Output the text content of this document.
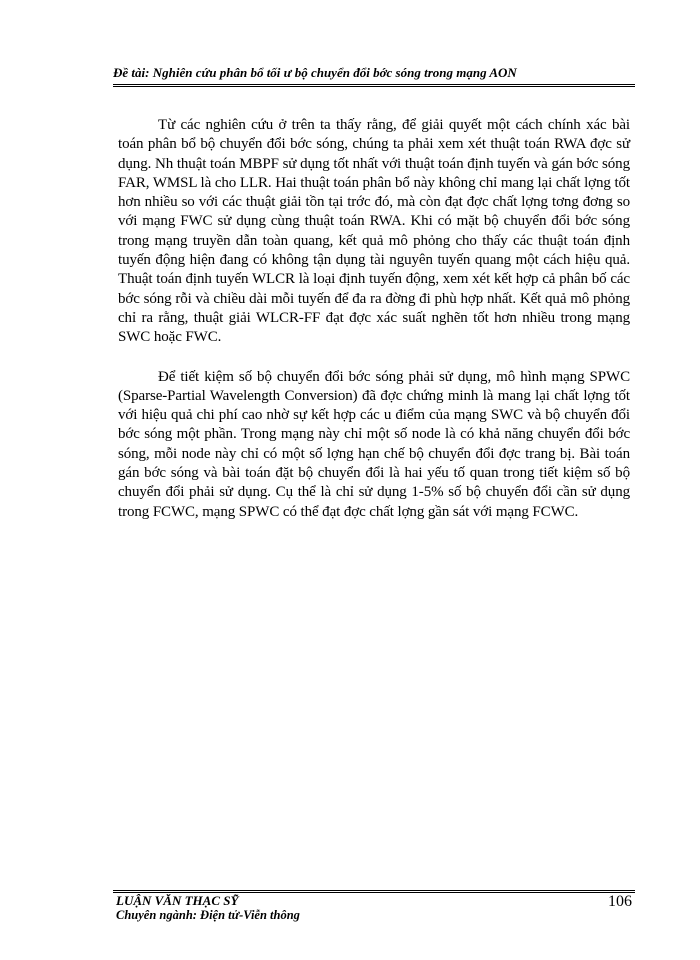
Đề tài: Nghiên cứu phân bổ tối ư bộ chuyển đổi bớc sóng trong mạng AON

Từ các nghiên cứu ở trên ta thấy rằng, để giải quyết một cách chính xác bài toán phân bổ bộ chuyển đổi bớc sóng, chúng ta phải xem xét thuật toán RWA đợc sử dụng. Nh thuật toán MBPF sử dụng tốt nhất với thuật toán định tuyến và gán bớc sóng FAR, WMSL là cho LLR. Hai thuật toán phân bổ này không chỉ mang lại chất lợng tốt hơn nhiều so với các thuật giải tồn tại trớc đó, mà còn đạt đợc chất lợng tơng đơng so với mạng FWC sử dụng cùng thuật toán RWA. Khi có mặt bộ chuyển đổi bớc sóng trong mạng truyền dẫn toàn quang, kết quả mô phỏng cho thấy các thuật toán định tuyến động hiện đang có không tận dụng tài nguyên tuyến quang một cách hiệu quả. Thuật toán định tuyến WLCR là loại định tuyến động, xem xét kết hợp cả phân bố các bớc sóng rỗi và chiều dài mỗi tuyến để đa ra đờng đi phù hợp nhất. Kết quả mô phỏng chỉ ra rằng, thuật giải WLCR-FF đạt đợc xác suất nghẽn tốt hơn nhiều trong mạng SWC hoặc FWC.

Để tiết kiệm số bộ chuyển đổi bớc sóng phải sử dụng, mô hình mạng SPWC (Sparse-Partial Wavelength Conversion) đã đợc chứng minh là mang lại chất lợng tốt với hiệu quả chi phí cao nhờ sự kết hợp các u điểm của mạng SWC và bộ chuyển đổi bớc sóng một phần. Trong mạng này chỉ một số node là có khả năng chuyển đổi bớc sóng, mỗi node này chỉ có một số lợng hạn chế bộ chuyển đổi đợc trang bị. Bài toán gán bớc sóng và bài toán đặt bộ chuyển đổi là hai yếu tố quan trong tiết kiệm số bộ chuyển đổi phải sử dụng. Cụ thể là chỉ sử dụng 1-5% số bộ chuyển đổi cần sử dụng trong FCWC, mạng SPWC có thể đạt đợc chất lợng gần sát với mạng FCWC.

LUẬN VĂN THẠC SỸ
Chuyên ngành: Điện tử-Viễn thông
106
